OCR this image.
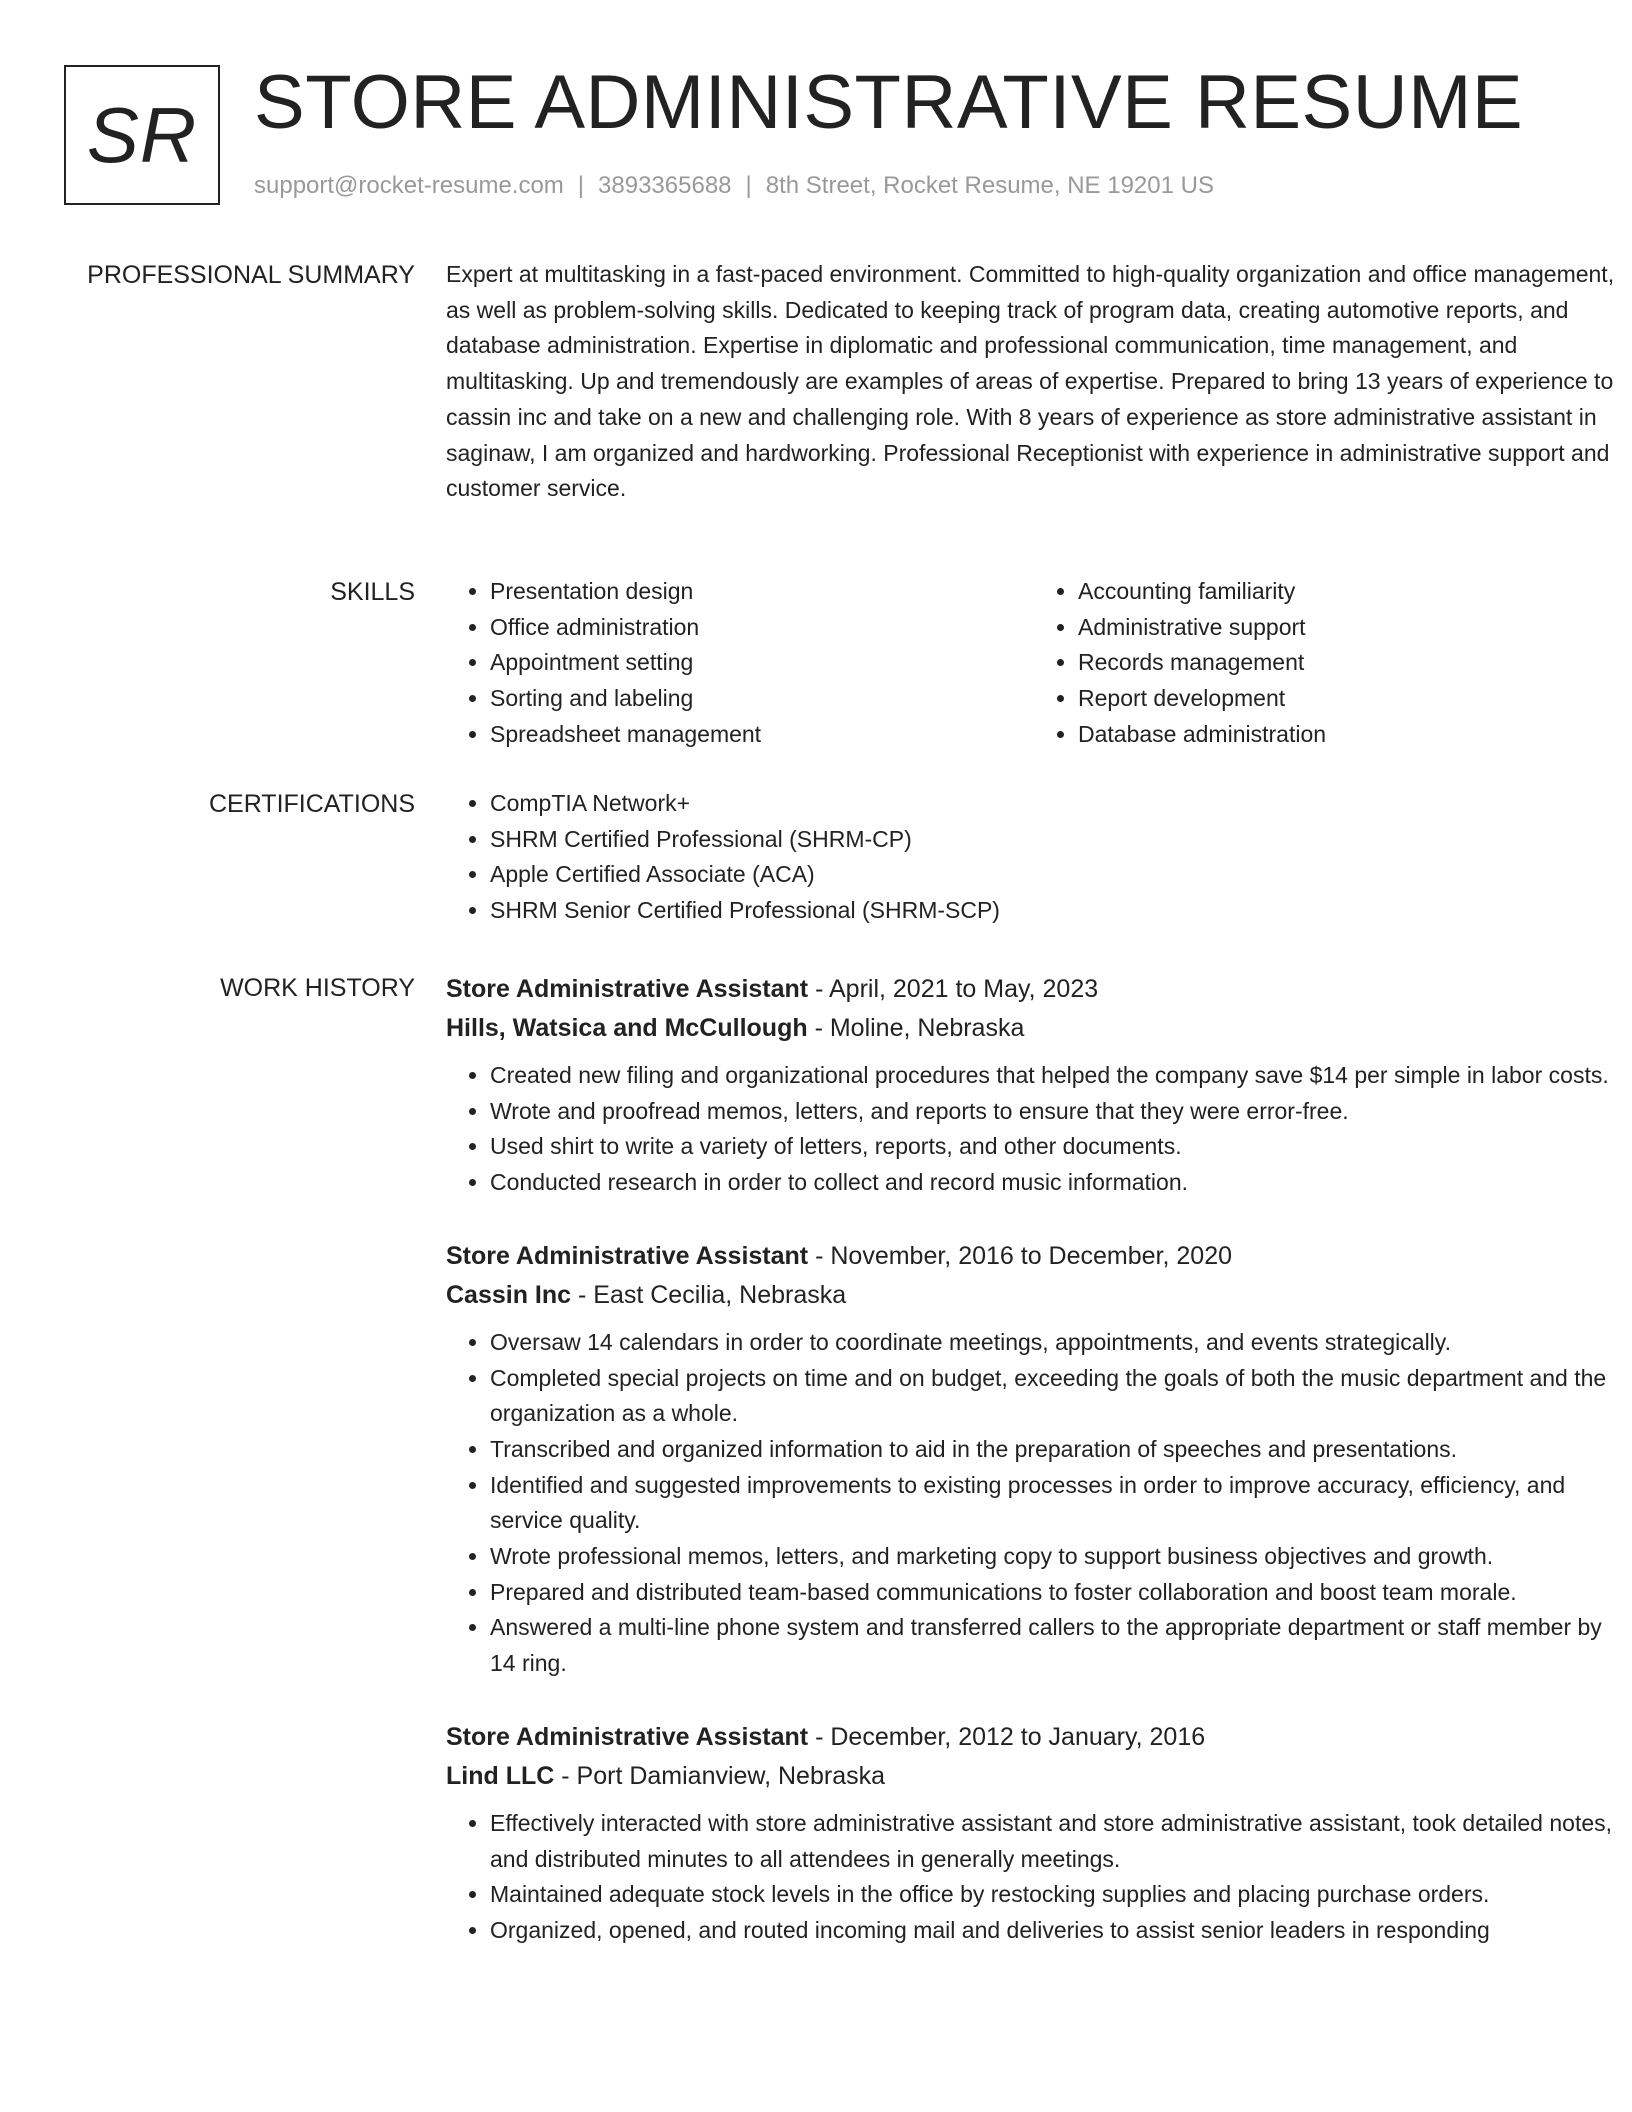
SR STORE ADMINISTRATIVE RESUME
support@rocket-resume.com | 3893365688 | 8th Street, Rocket Resume, NE 19201 US
PROFESSIONAL SUMMARY Expert at multitasking in a fast-paced environment. Committed to high-quality organization and office management, as well as problem-solving skills. Dedicated to keeping track of program data, creating automotive reports, and database administration. Expertise in diplomatic and professional communication, time management, and multitasking. Up and tremendously are examples of areas of expertise. Prepared to bring 13 years of experience to cassin inc and take on a new and challenging role. With 8 years of experience as store administrative assistant in saginaw, I am organized and hardworking. Professional Receptionist with experience in administrative support and customer service.
SKILLS	• Presentation design
• Office administration
• Appointment setting
• Sorting and labeling
• Spreadsheet management
• Accounting familiarity
• Administrative support
• Records management
• Report development
• Database administration
CERTIFICATIONS	• CompTIA Network+
• SHRM Certified Professional (SHRM-CP)
• Apple Certified Associate (ACA)
• SHRM Senior Certified Professional (SHRM-SCP)
WORK HISTORY Store Administrative Assistant - April, 2021 to May, 2023
Hills, Watsica and McCullough - Moline, Nebraska
• Created new filing and organizational procedures that helped the company save $14 per simple in labor costs.
• Wrote and proofread memos, letters, and reports to ensure that they were error-free.
• Used shirt to write a variety of letters, reports, and other documents.
• Conducted research in order to collect and record music information.
Store Administrative Assistant - November, 2016 to December, 2020
Cassin Inc - East Cecilia, Nebraska
• Oversaw 14 calendars in order to coordinate meetings, appointments, and events strategically.
• Completed special projects on time and on budget, exceeding the goals of both the music department and the organization as a whole.
• Transcribed and organized information to aid in the preparation of speeches and presentations.
• Identified and suggested improvements to existing processes in order to improve accuracy, efficiency, and service quality.
• Wrote professional memos, letters, and marketing copy to support business objectives and growth.
• Prepared and distributed team-based communications to foster collaboration and boost team morale.
• Answered a multi-line phone system and transferred callers to the appropriate department or staff member by 14 ring.
Store Administrative Assistant - December, 2012 to January, 2016
Lind LLC - Port Damianview, Nebraska
• Effectively interacted with store administrative assistant and store administrative assistant, took detailed notes, and distributed minutes to all attendees in generally meetings.
• Maintained adequate stock levels in the office by restocking supplies and placing purchase orders.
• Organized, opened, and routed incoming mail and deliveries to assist senior leaders in responding
